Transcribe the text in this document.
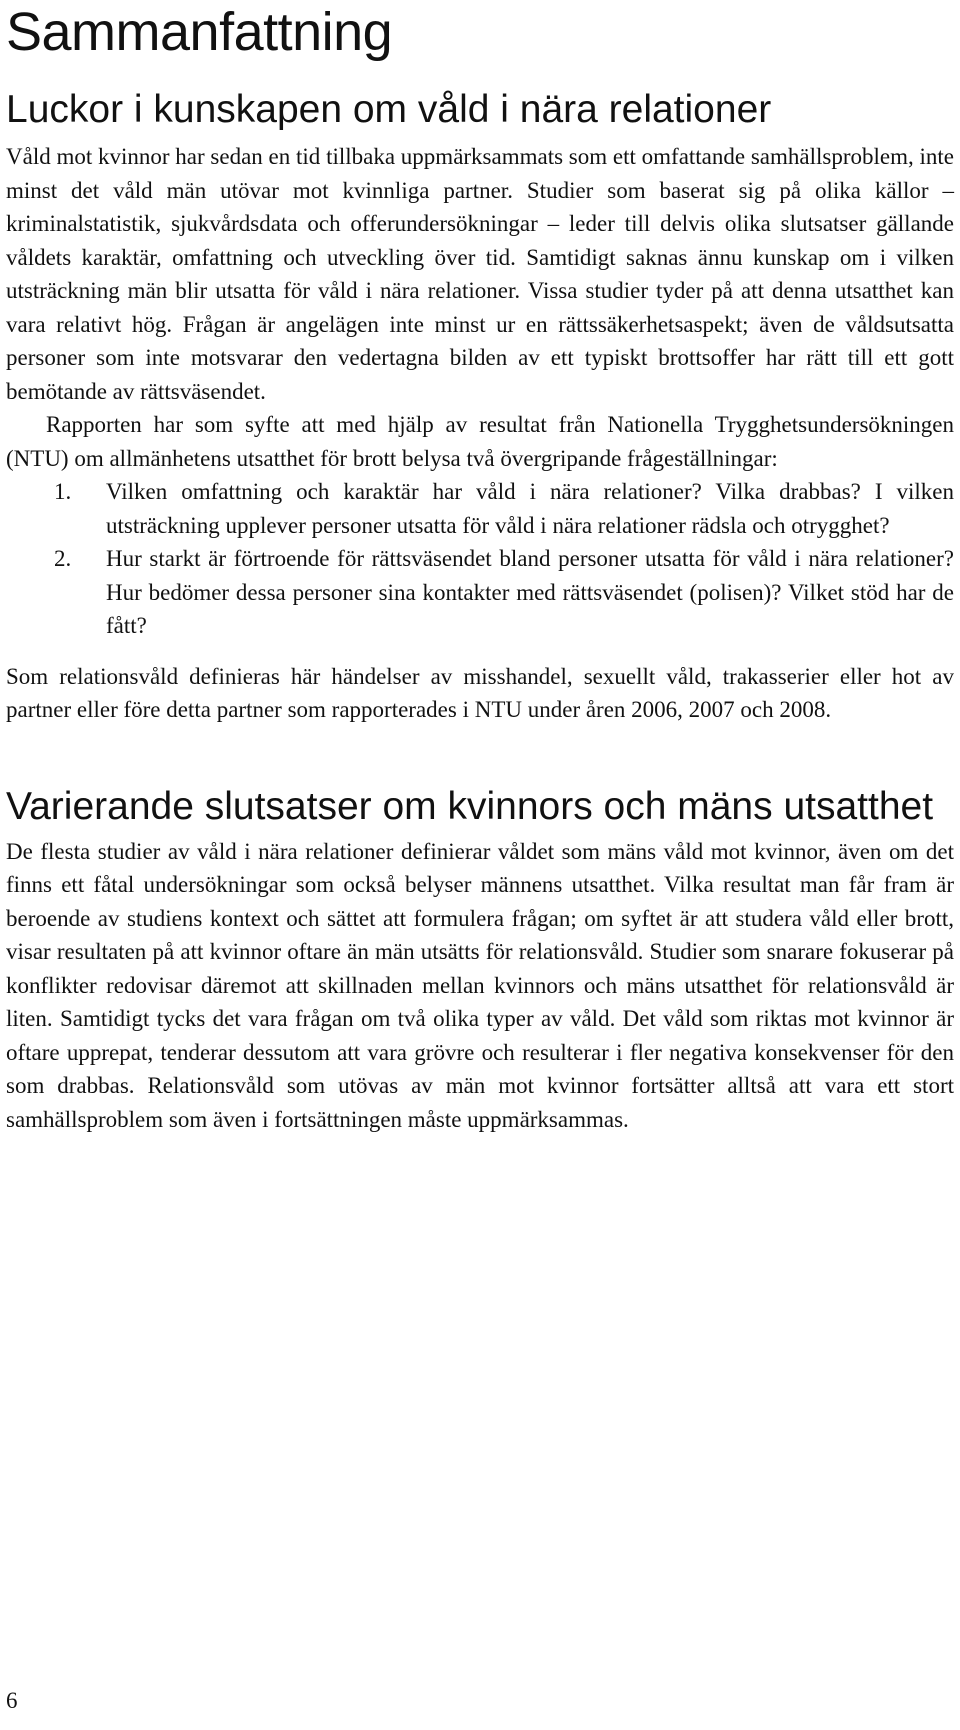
Sammanfattning
Luckor i kunskapen om våld i nära relationer

Våld mot kvinnor har sedan en tid tillbaka uppmärksammats som ett omfattande samhällsproblem, inte minst det våld män utövar mot kvinnliga partner. Studier som baserat sig på olika källor – kriminalstatistik, sjukvårdsdata och offerundersökningar – leder till delvis olika slutsatser gällande våldets karaktär, omfattning och utveckling över tid. Samtidigt saknas ännu kunskap om i vilken utsträckning män blir utsatta för våld i nära relationer. Vissa studier tyder på att denna utsatthet kan vara relativt hög. Frågan är angelägen inte minst ur en rättssäkerhetsaspekt; även de våldsutsatta personer som inte motsvarar den vedertagna bilden av ett typiskt brottsoffer har rätt till ett gott bemötande av rättsväsendet.

Rapporten har som syfte att med hjälp av resultat från Nationella Trygghetsundersökningen (NTU) om allmänhetens utsatthet för brott belysa två övergripande frågeställningar:

1. Vilken omfattning och karaktär har våld i nära relationer? Vilka drabbas? I vilken utsträckning upplever personer utsatta för våld i nära relationer rädsla och otrygghet?
2. Hur starkt är förtroende för rättsväsendet bland personer utsatta för våld i nära relationer? Hur bedömer dessa personer sina kontakter med rättsväsendet (polisen)? Vilket stöd har de fått?

Som relationsvåld definieras här händelser av misshandel, sexuellt våld, trakasserier eller hot av partner eller före detta partner som rapporterades i NTU under åren 2006, 2007 och 2008.

Varierande slutsatser om kvinnors och mäns utsatthet

De flesta studier av våld i nära relationer definierar våldet som mäns våld mot kvinnor, även om det finns ett fåtal undersökningar som också belyser männens utsatthet. Vilka resultat man får fram är beroende av studiens kontext och sättet att formulera frågan; om syftet är att studera våld eller brott, visar resultaten på att kvinnor oftare än män utsätts för relationsvåld. Studier som snarare fokuserar på konflikter redovisar däremot att skillnaden mellan kvinnors och mäns utsatthet för relationsvåld är liten. Samtidigt tycks det vara frågan om två olika typer av våld. Det våld som riktas mot kvinnor är oftare upprepat, tenderar dessutom att vara grövre och resulterar i fler negativa konsekvenser för den som drabbas. Relationsvåld som utövas av män mot kvinnor fortsätter alltså att vara ett stort samhällsproblem som även i fortsättningen måste uppmärksammas.

6
